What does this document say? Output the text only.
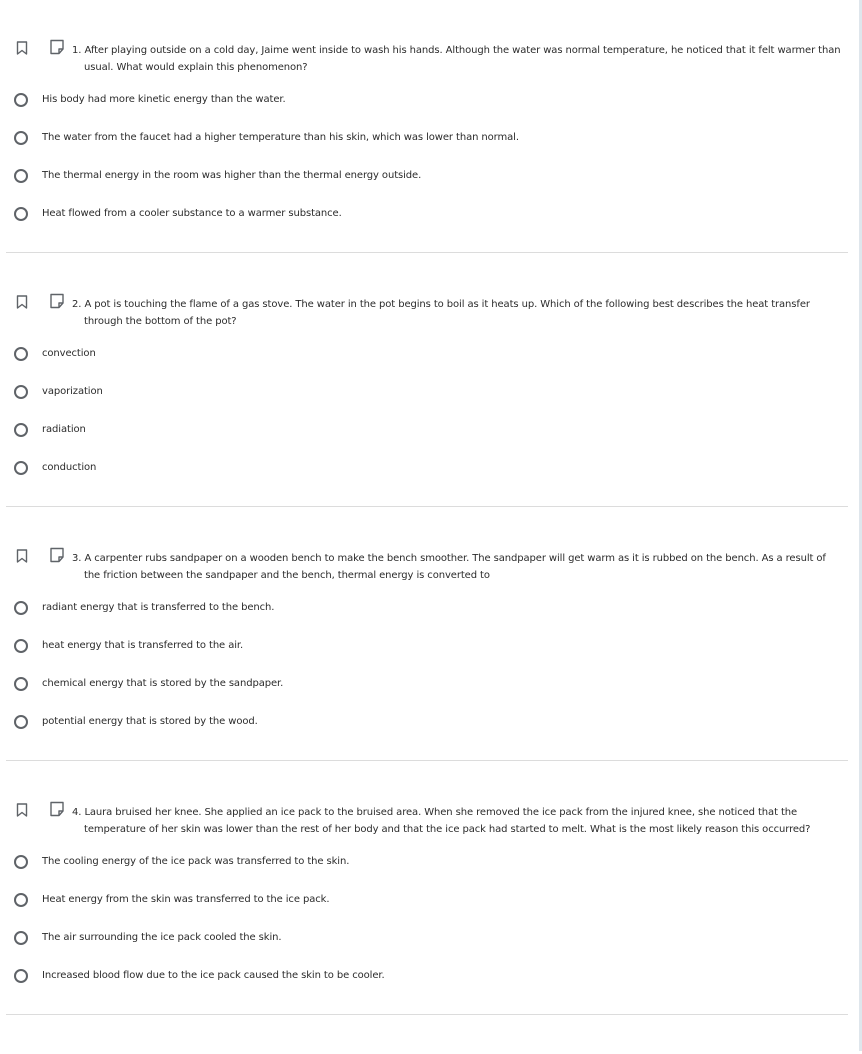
1. After playing outside on a cold day, Jaime went inside to wash his hands. Although the water was normal temperature, he noticed that it felt warmer than usual. What would explain this phenomenon?
His body had more kinetic energy than the water.
The water from the faucet had a higher temperature than his skin, which was lower than normal.
The thermal energy in the room was higher than the thermal energy outside.
Heat flowed from a cooler substance to a warmer substance.
2. A pot is touching the flame of a gas stove. The water in the pot begins to boil as it heats up. Which of the following best describes the heat transfer through the bottom of the pot?
convection
vaporization
radiation
conduction
3. A carpenter rubs sandpaper on a wooden bench to make the bench smoother. The sandpaper will get warm as it is rubbed on the bench. As a result of the friction between the sandpaper and the bench, thermal energy is converted to
radiant energy that is transferred to the bench.
heat energy that is transferred to the air.
chemical energy that is stored by the sandpaper.
potential energy that is stored by the wood.
4. Laura bruised her knee. She applied an ice pack to the bruised area. When she removed the ice pack from the injured knee, she noticed that the temperature of her skin was lower than the rest of her body and that the ice pack had started to melt. What is the most likely reason this occurred?
The cooling energy of the ice pack was transferred to the skin.
Heat energy from the skin was transferred to the ice pack.
The air surrounding the ice pack cooled the skin.
Increased blood flow due to the ice pack caused the skin to be cooler.
